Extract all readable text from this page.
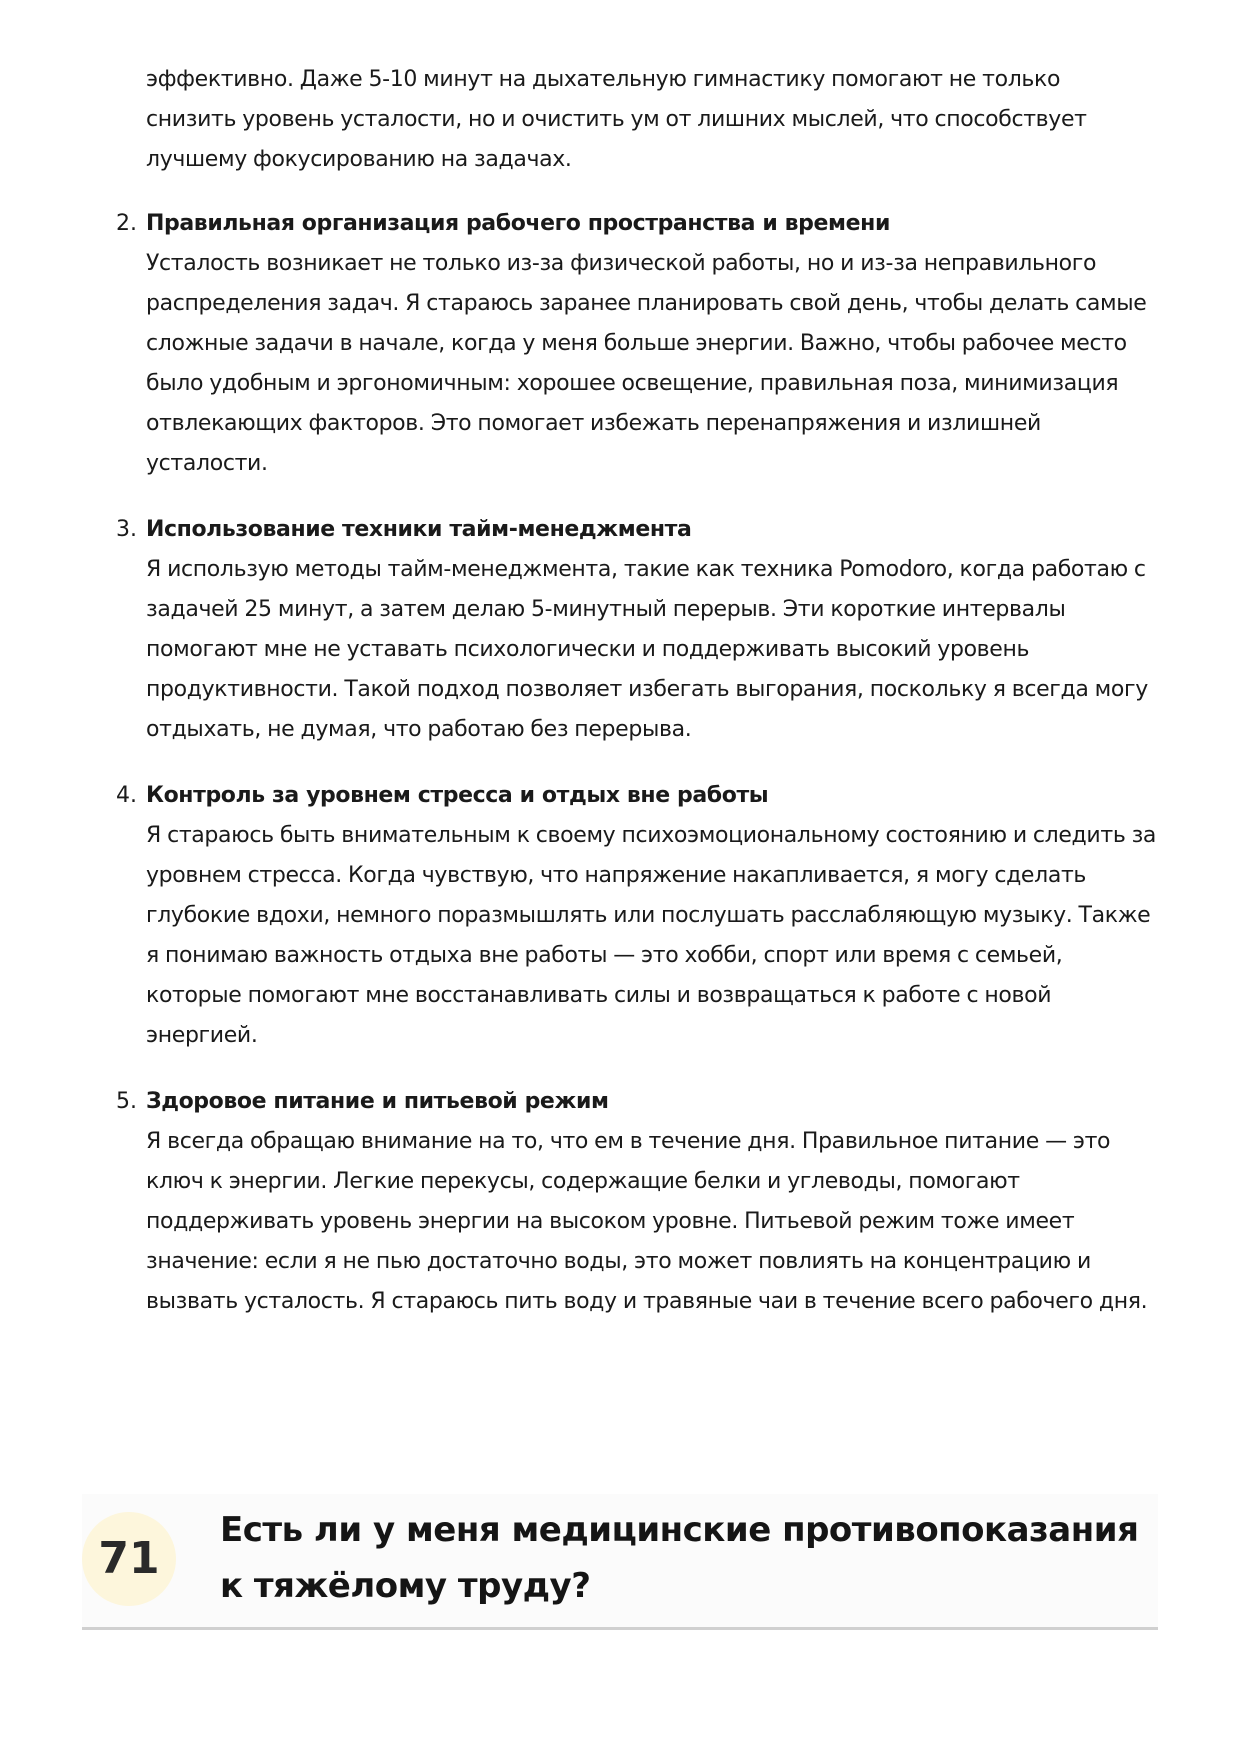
эффективно. Даже 5-10 минут на дыхательную гимнастику помогают не только снизить уровень усталости, но и очистить ум от лишних мыслей, что способствует лучшему фокусированию на задачах.

2. Правильная организация рабочего пространства и времени

Усталость возникает не только из-за физической работы, но и из-за неправильного распределения задач. Я стараюсь заранее планировать свой день, чтобы делать самые сложные задачи в начале, когда у меня больше энергии. Важно, чтобы рабочее место было удобным и эргономичным: хорошее освещение, правильная поза, минимизация отвлекающих факторов. Это помогает избежать перенапряжения и излишней усталости.

3. Использование техники тайм-менеджмента

Я использую методы тайм-менеджмента, такие как техника Pomodoro, когда работаю с задачей 25 минут, а затем делаю 5-минутный перерыв. Эти короткие интервалы помогают мне не уставать психологически и поддерживать высокий уровень продуктивности. Такой подход позволяет избегать выгорания, поскольку я всегда могу отдыхать, не думая, что работаю без перерыва.

4. Контроль за уровнем стресса и отдых вне работы

Я стараюсь быть внимательным к своему психоэмоциональному состоянию и следить за уровнем стресса. Когда чувствую, что напряжение накапливается, я могу сделать глубокие вдохи, немного поразмышлять или послушать расслабляющую музыку. Также я понимаю важность отдыха вне работы — это хобби, спорт или время с семьей, которые помогают мне восстанавливать силы и возвращаться к работе с новой энергией.

5. Здоровое питание и питьевой режим

Я всегда обращаю внимание на то, что ем в течение дня. Правильное питание — это ключ к энергии. Легкие перекусы, содержащие белки и углеводы, помогают поддерживать уровень энергии на высоком уровне. Питьевой режим тоже имеет значение: если я не пью достаточно воды, это может повлиять на концентрацию и вызвать усталость. Я стараюсь пить воду и травяные чаи в течение всего рабочего дня.

71
Есть ли у меня медицинские противопоказания к тяжёлому труду?
